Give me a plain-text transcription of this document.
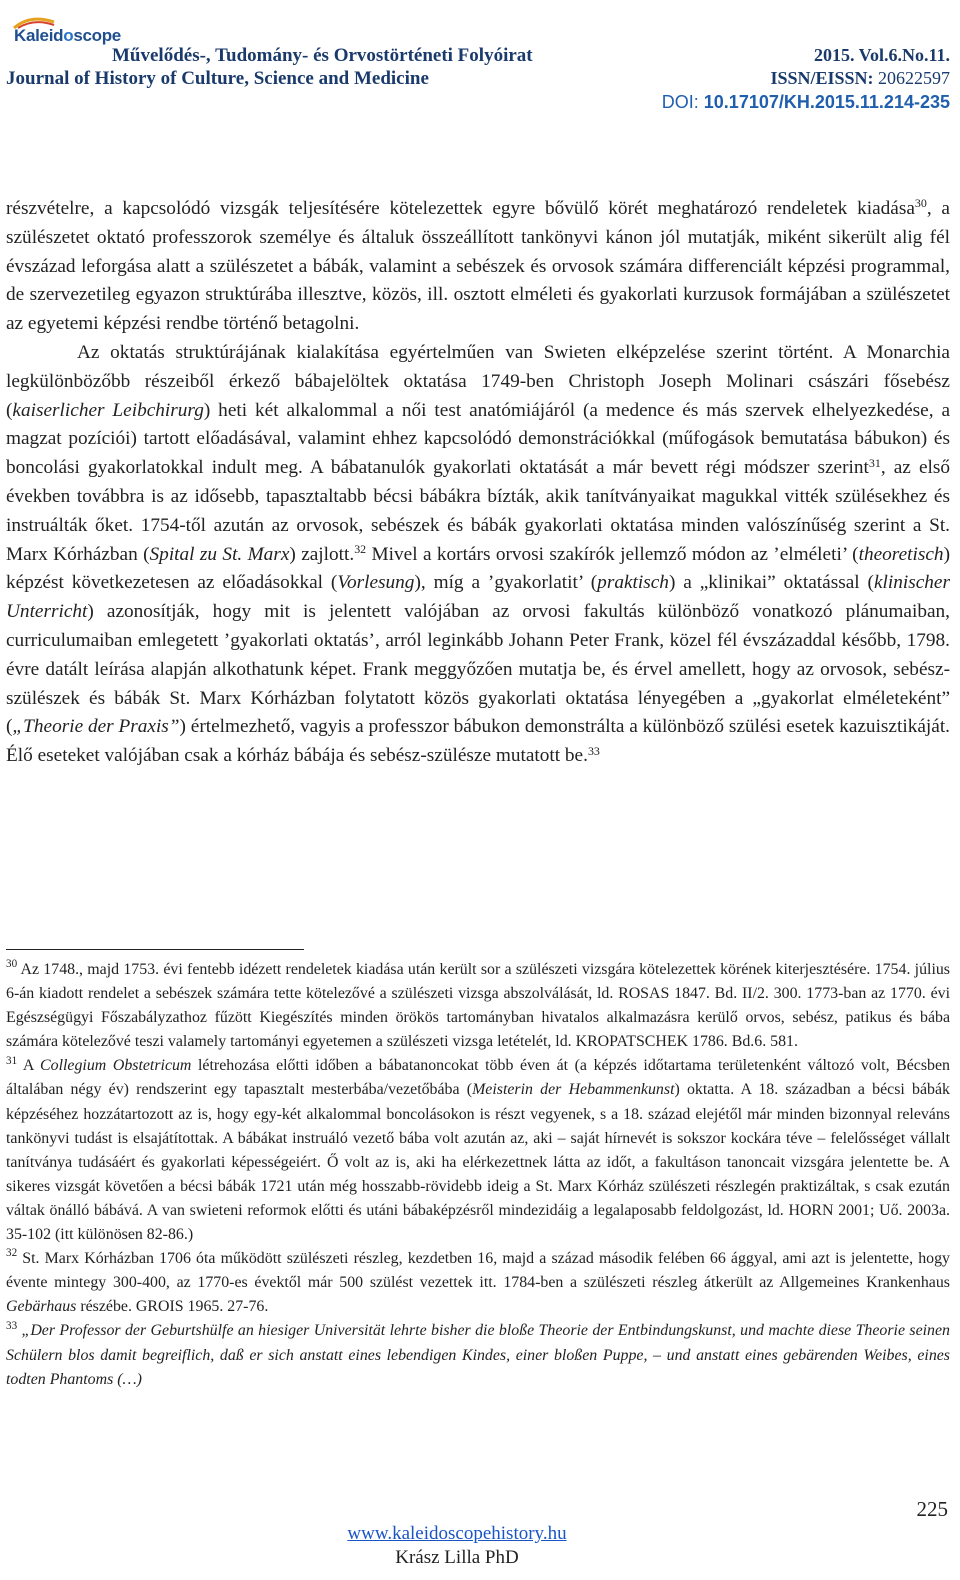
Kaleidoscope
Művelődés-, Tudomány- és Orvostörténeti Folyóirat
Journal of History of Culture, Science and Medicine
2015. Vol.6.No.11.
ISSN/EISSN: 20622597
DOI: 10.17107/KH.2015.11.214-235

részvételre, a kapcsolódó vizsgák teljesítésére kötelezettek egyre bővülő körét meghatározó rendeletek kiadása$^{30}$, a szülészetet oktató professzorok személye és általuk összeállított tankönyvi kánon jól mutatják, miként sikerült alig fél évszázad leforgása alatt a szülészetet a bábák, valamint a sebészek és orvosok számára differenciált képzési programmal, de szervezetileg egyazon struktúrába illesztve, közös, ill. osztott elméleti és gyakorlati kurzusok formájában a szülészetet az egyetemi képzési rendbe történő betagolni.

Az oktatás struktúrájának kialakítása egyértelműen van Swieten elképzelése szerint történt. A Monarchia legkülönbözőbb részeiből érkező bábajelöltek oktatása 1749-ben Christoph Joseph Molinari császári fősebész (kaiserlicher Leibchirurg) heti két alkalommal a női test anatómiájáról (a medence és más szervek elhelyezkedése, a magzat pozíciói) tartott előadásával, valamint ehhez kapcsolódó demonstrációkkal (műfogások bemutatása bábukon) és boncolási gyakorlatokkal indult meg. A bábatanulók gyakorlati oktatását a már bevett régi módszer szerint$^{31}$, az első években továbbra is az idősebb, tapasztaltabb bécsi bábákra bízták, akik tanítványaikat magukkal vitték szülésekhez és instruálták őket. 1754-től azután az orvosok, sebészek és bábák gyakorlati oktatása minden valószínűség szerint a St. Marx Kórházban (Spital zu St. Marx) zajlott.$^{32}$ Mivel a kortárs orvosi szakírók jellemző módon az ’elméleti’ (theoretisch) képzést következetesen az előadásokkal (Vorlesung), míg a ’gyakorlatit’ (praktisch) a „klinikai” oktatással (klinischer Unterricht) azonosítják, hogy mit is jelentett valójában az orvosi fakultás különböző vonatkozó plánumaiban, curriculumaiban emlegetett ’gyakorlati oktatás’, arról leginkább Johann Peter Frank, közel fél évszázaddal később, 1798. évre datált leírása alapján alkothatunk képet. Frank meggyőzően mutatja be, és érvel amellett, hogy az orvosok, sebész-szülészek és bábák St. Marx Kórházban folytatott közös gyakorlati oktatása lényegében a „gyakorlat elméleteként” („Theorie der Praxis”) értelmezhető, vagyis a professzor bábukon demonstrálta a különböző szülési esetek kazuisztikáját. Élő eseteket valójában csak a kórház bábája és sebész-szülésze mutatott be.$^{33}$

$^{30}$ Az 1748., majd 1753. évi fentebb idézett rendeletek kiadása után került sor a szülészeti vizsgára kötelezettek körének kiterjesztésére. 1754. július 6-án kiadott rendelet a sebészek számára tette kötelezővé a szülészeti vizsga abszolválását, ld. ROSAS 1847. Bd. II/2. 300. 1773-ban az 1770. évi Egészségügyi Főszabályzathoz fűzött Kiegészítés minden örökös tartományban hivatalos alkalmazásra kerülő orvos, sebész, patikus és bába számára kötelezővé teszi valamely tartományi egyetemen a szülészeti vizsga letételét, ld. KROPATSCHEK 1786. Bd.6. 581.

$^{31}$ A Collegium Obstetricum létrehozása előtti időben a bábatanoncokat több éven át (a képzés időtartama területenként változó volt, Bécsben általában négy év) rendszerint egy tapasztalt mesterbába/vezetőbába (Meisterin der Hebammenkunst) oktatta. A 18. században a bécsi bábák képzéséhez hozzátartozott az is, hogy egy-két alkalommal boncolásokon is részt vegyenek, s a 18. század elejétől már minden bizonnyal releváns tankönyvi tudást is elsajátítottak. A bábákat instruáló vezető bába volt azután az, aki – saját hírnevét is sokszor kockára téve – felelősséget vállalt tanítványa tudásáért és gyakorlati képességeiért. Ő volt az is, aki ha elérkezettnek látta az időt, a fakultáson tanoncait vizsgára jelentette be. A sikeres vizsgát követően a bécsi bábák 1721 után még hosszabb-rövidebb ideig a St. Marx Kórház szülészeti részlegén praktizáltak, s csak ezután váltak önálló bábává. A van swieteni reformok előtti és utáni bábaképzésről mindezidáig a legalaposabb feldolgozást, ld. HORN 2001; Uő. 2003a. 35-102 (itt különösen 82-86.)

$^{32}$ St. Marx Kórházban 1706 óta működött szülészeti részleg, kezdetben 16, majd a század második felében 66 ággyal, ami azt is jelentette, hogy évente mintegy 300-400, az 1770-es évektől már 500 szülést vezettek itt. 1784-ben a szülészeti részleg átkerült az Allgemeines Krankenhaus Gebärhaus részébe. GROIS 1965. 27-76.

$^{33}$ „Der Professor der Geburtshülfe an hiesiger Universität lehrte bisher die bloße Theorie der Entbindungskunst, und machte diese Theorie seinen Schülern blos damit begreiflich, daß er sich anstatt eines lebendigen Kindes, einer bloßen Puppe, – und anstatt eines gebärenden Weibes, eines todten Phantoms (…)

225
www.kaleidoscopehistory.hu
Krász Lilla PhD
